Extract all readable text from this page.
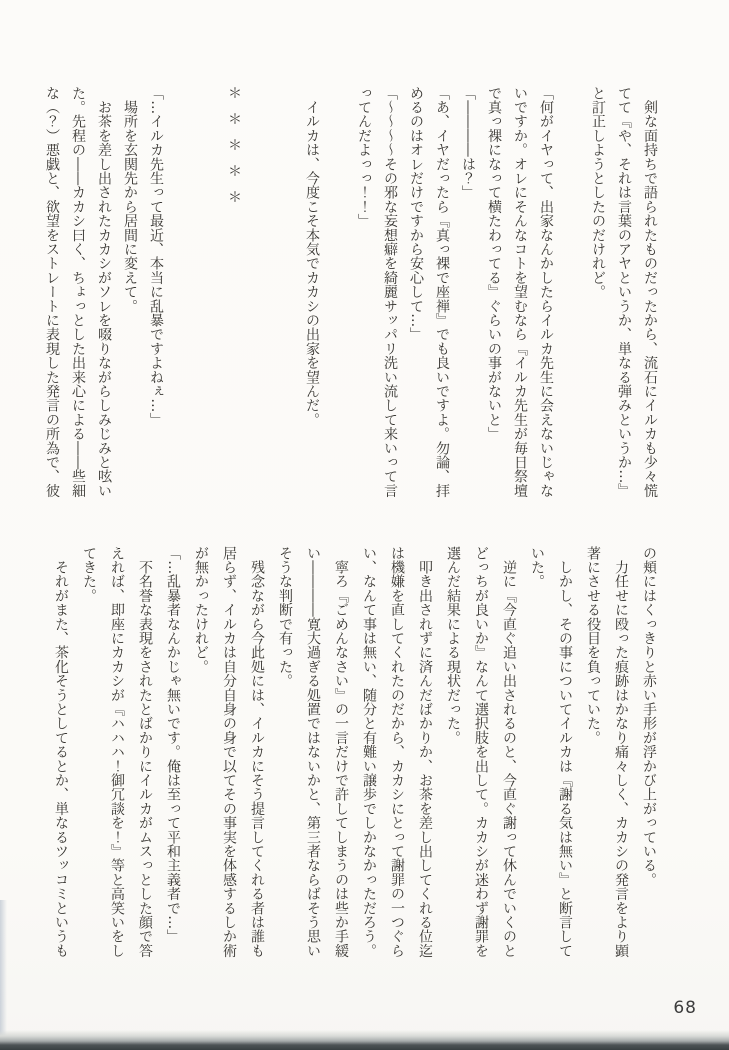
　剣な面持ちで語られたものだったから、流石にイルカも少々慌てて『や、それは言葉のアヤというか、単なる弾みというか…』と訂正しようとしたのだけれど。

「何がイヤって、出家なんかしたらイルカ先生に会えないじゃないですか。オレにそんなコトを望むなら『イルカ先生が毎日祭壇で真っ裸になって横たわってる』ぐらいの事がないと」

「――――は？」

「あ、イヤだったら『真っ裸で座禅』でも良いですよ。勿論、拝めるのはオレだけですから安心して…」

「～～～～その邪な妄想癖を綺麗サッパリ洗い流して来いって言ってんだよっっ！！」

　イルカは、今度こそ本気でカカシの出家を望んだ。

＊＊＊＊＊

「…イルカ先生って最近、本当に乱暴ですよねぇ…」

　場所を玄関先から居間に変えて。

　お茶を差し出されたカカシがソレを啜りながらしみじみと呟いた。先程の――カカシ曰く、ちょっとした出来心による――些細な（？）悪戯と、欲望をストレートに表現した発言の所為で、彼

の頬にはくっきりと赤い手形が浮かび上がっている。

　力任せに殴った痕跡はかなり痛々しく、カカシの発言をより顕著にさせる役目を負っていた。

　しかし、その事についてイルカは『謝る気は無い』と断言していた。

　逆に『今直ぐ追い出されるのと、今直ぐ謝って休んでいくのとどっちが良いか』なんて選択肢を出して。カカシが迷わず謝罪を選んだ結果による現状だった。

　叩き出されずに済んだばかりか、お茶を差し出してくれる位迄は機嫌を直してくれたのだから、カカシにとって謝罪の一つぐらい、なんて事は無い、随分と有難い譲歩でしかなかっただろう。

　寧ろ『ごめんなさい』の一言だけで許してしまうのは些か手緩い――――寛大過ぎる処置ではないかと、第三者ならばそう思いそうな判断で有った。

　残念ながら今此処には、イルカにそう提言してくれる者は誰も居らず、イルカは自分自身の身で以てその事実を体感するしか術が無かったけれど。

「…乱暴者なんかじゃ無いです。俺は至って平和主義者で…」

　不名誉な表現をされたとばかりにイルカがムスっとした顔で答えれば、即座にカカシが『ハハハ！御冗談を！』等と高笑いをしてきた。

　それがまた、茶化そうとしてるとか、単なるツッコミというも

68
